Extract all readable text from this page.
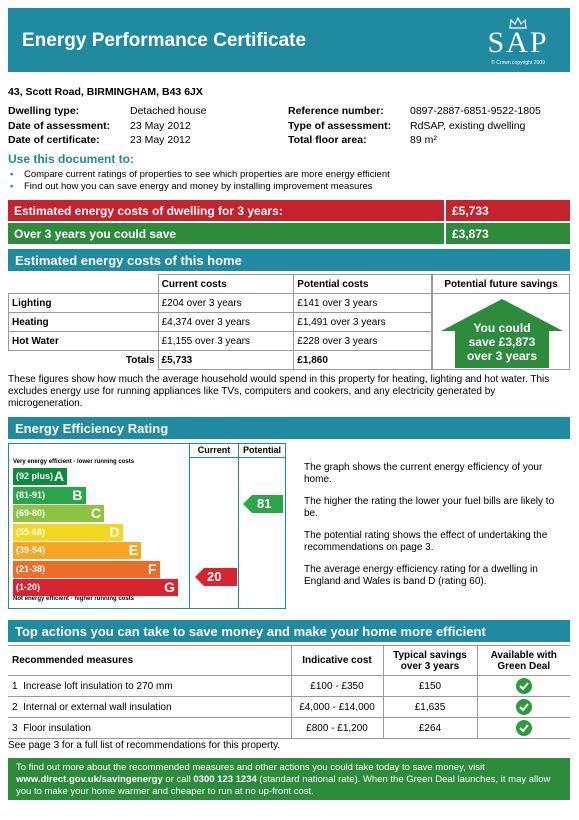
Energy Performance Certificate	SAP
© Crown copyright 2009
43, Scott Road, BIRMINGHAM, B43 6JX
Dwelling type:	Detached house
Date of assessment:	23 May 2012
Date of certificate:	23 May 2012
Reference number:	0897-2887-6851-9522-1805
Type of assessment:	RdSAP, existing dwelling
Total floor area:	89 m²
Use this document to:
•	Compare current ratings of properties to see which properties are more energy efficient
•	Find out how you can save energy and money by installing improvement measures
Estimated energy costs of dwelling for 3 years:	£5,733
Over 3 years you could save	£3,873
Estimated energy costs of this home
	Current costs	Potential costs
Lighting	£204 over 3 years	£141 over 3 years
Heating	£4,374 over 3 years	£1,491 over 3 years
Hot Water	£1,155 over 3 years	£228 over 3 years
Totals	£5,733	£1,860
Potential future savings
You could
save £3,873
over 3 years
These figures show how much the average household would spend in this property for heating, lighting and hot water. This excludes energy use for running appliances like TVs, computers and cookers, and any electricity generated by microgeneration.
Energy Efficiency Rating
Current	Potential
Very energy efficient - lower running costs
Not energy efficient - higher running costs
(92 plus) A
(81-91) B
(69-80)	C
(55-68)	D
(39-54)	E
(21-38)	F
(1-20)	G
20
81

The graph shows the current energy efficiency of your home.

The higher the rating the lower your fuel bills are likely to be.

The potential rating shows the effect of undertaking the recommendations on page 3.

The average energy efficiency rating for a dwelling in England and Wales is band D (rating 60).

Top actions you can take to save money and make your home more efficient
Recommended measures	Indicative cost	Typical savings over 3 years	Available with Green Deal
1 Increase loft insulation to 270 mm	£100 - £350	£150	

2 Internal or external wall insulation	£4,000 - £14,000	£1,635	

3 Floor insulation	£800 - £1,200	£264	
See page 3 for a full list of recommendations for this property.
To find out more about the recommended measures and other actions you could take today to save money, visit www.direct.gov.uk/savingenergy or call 0300 123 1234 (standard national rate). When the Green Deal launches, it may allow you to make your home warmer and cheaper to run at no up-front cost.
